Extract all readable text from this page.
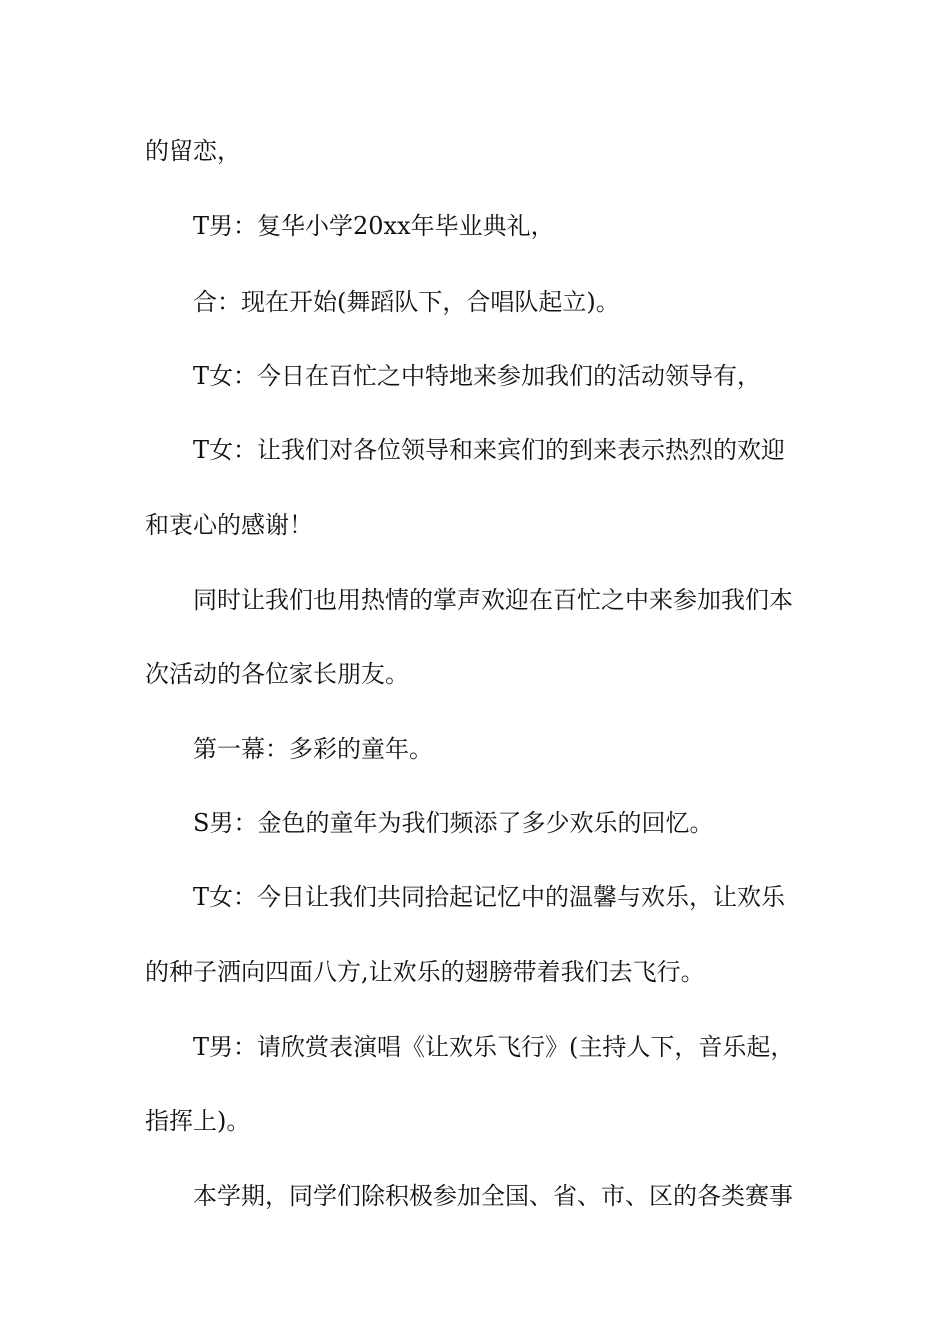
的留恋，
T男：复华小学20xx年毕业典礼，
合：现在开始(舞蹈队下，合唱队起立)。
T女：今日在百忙之中特地来参加我们的活动领导有，
T女：让我们对各位领导和来宾们的到来表示热烈的欢迎
和衷心的感谢！
同时让我们也用热情的掌声欢迎在百忙之中来参加我们本
次活动的各位家长朋友。
第一幕：多彩的童年。
S男：金色的童年为我们频添了多少欢乐的回忆。
T女：今日让我们共同拾起记忆中的温馨与欢乐，让欢乐
的种子洒向四面八方,让欢乐的翅膀带着我们去飞行。
T男：请欣赏表演唱《让欢乐飞行》(主持人下，音乐起，
指挥上)。
本学期，同学们除积极参加全国、省、市、区的各类赛事
